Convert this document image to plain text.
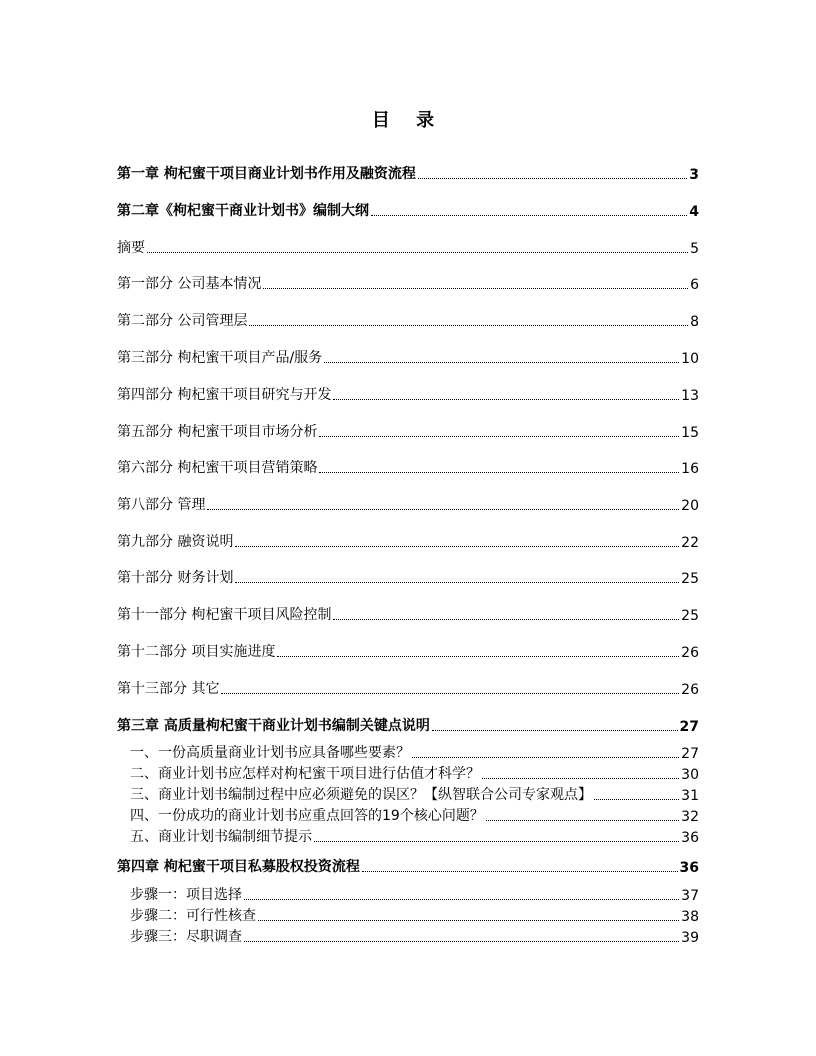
目 录
第一章 枸杞蜜干项目商业计划书作用及融资流程	3
第二章《枸杞蜜干商业计划书》编制大纲	4
摘要	5
第一部分 公司基本情况	6
第二部分 公司管理层	8
第三部分 枸杞蜜干项目产品/服务	10
第四部分 枸杞蜜干项目研究与开发	13
第五部分 枸杞蜜干项目市场分析	15
第六部分 枸杞蜜干项目营销策略	16
第八部分 管理	20
第九部分 融资说明	22
第十部分 财务计划	25
第十一部分 枸杞蜜干项目风险控制	25
第十二部分 项目实施进度	26
第十三部分 其它	26
第三章 高质量枸杞蜜干商业计划书编制关键点说明	27
一、一份高质量商业计划书应具备哪些要素？	27
二、商业计划书应怎样对枸杞蜜干项目进行估值才科学？	30
三、商业计划书编制过程中应必须避免的误区？【纵智联合公司专家观点】	31
四、一份成功的商业计划书应重点回答的19个核心问题？	32
五、商业计划书编制细节提示	36
第四章 枸杞蜜干项目私募股权投资流程	36
步骤一：项目选择	37
步骤二：可行性核查	38
步骤三：尽职调查	39
